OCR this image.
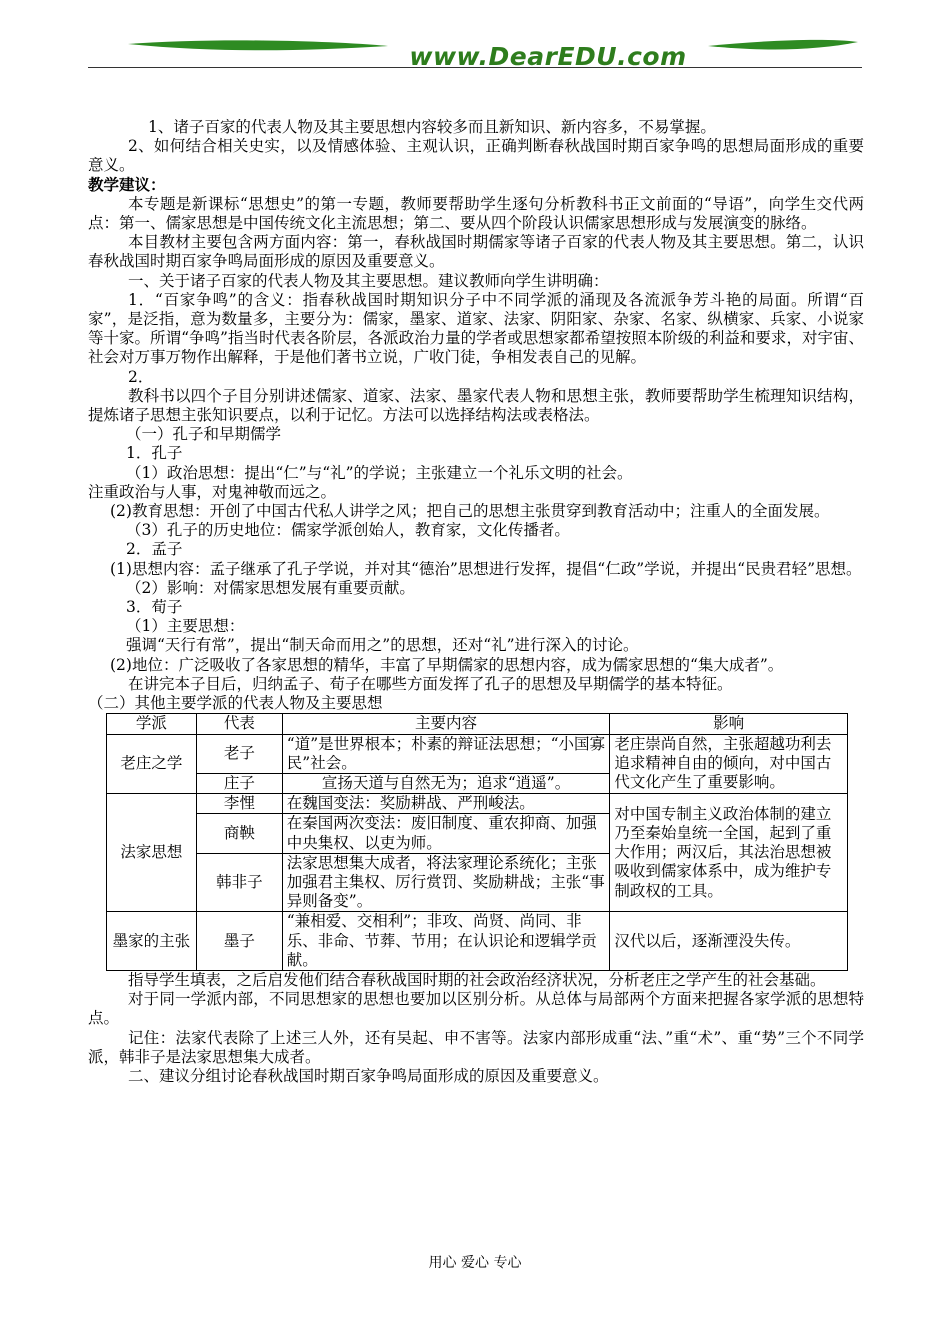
www.DearEDU.com

1、诸子百家的代表人物及其主要思想内容较多而且新知识、新内容多，不易掌握。

2、如何结合相关史实，以及情感体验、主观认识，正确判断春秋战国时期百家争鸣的思想局面形成的重要意义。

教学建议：

本专题是新课标“思想史”的第一专题，教师要帮助学生逐句分析教科书正文前面的“导语”，向学生交代两点：第一、儒家思想是中国传统文化主流思想；第二、要从四个阶段认识儒家思想形成与发展演变的脉络。

本目教材主要包含两方面内容：第一，春秋战国时期儒家等诸子百家的代表人物及其主要思想。第二，认识春秋战国时期百家争鸣局面形成的原因及重要意义。

一、关于诸子百家的代表人物及其主要思想。建议教师向学生讲明确：

1．“百家争鸣”的含义：指春秋战国时期知识分子中不同学派的涌现及各流派争芳斗艳的局面。所谓“百家”，是泛指，意为数量多，主要分为：儒家，墨家、道家、法家、阴阳家、杂家、名家、纵横家、兵家、小说家等十家。所谓“争鸣”指当时代表各阶层，各派政治力量的学者或思想家都希望按照本阶级的利益和要求，对宇宙、社会对万事万物作出解释，于是他们著书立说，广收门徒，争相发表自己的见解。

2．

教科书以四个子目分别讲述儒家、道家、法家、墨家代表人物和思想主张，教师要帮助学生梳理知识结构，提炼诸子思想主张知识要点，以利于记忆。方法可以选择结构法或表格法。

（一）孔子和早期儒学

1．孔子

（1）政治思想：提出“仁”与“礼”的学说；主张建立一个礼乐文明的社会。

注重政治与人事，对鬼神敬而远之。

(2)教育思想：开创了中国古代私人讲学之风；把自己的思想主张贯穿到教育活动中；注重人的全面发展。

（3）孔子的历史地位：儒家学派创始人，教育家，文化传播者。

2．孟子

(1)思想内容：孟子继承了孔子学说，并对其“德治”思想进行发挥，提倡“仁政”学说，并提出“民贵君轻”思想。

（2）影响：对儒家思想发展有重要贡献。

3．荀子

（1）主要思想：

强调“天行有常”，提出“制天命而用之”的思想，还对“礼”进行深入的讨论。

(2)地位：广泛吸收了各家思想的精华，丰富了早期儒家的思想内容，成为儒家思想的“集大成者”。

在讲完本子目后，归纳孟子、荀子在哪些方面发挥了孔子的思想及早期儒学的基本特征。

（二）其他主要学派的代表人物及主要思想

学派	代表	主要内容	影响
老庄之学	老子	“道”是世界根本；朴素的辩证法思想；“小国寡民”社会。	老庄崇尚自然，主张超越功利去追求精神自由的倾向，对中国古代文化产生了重要影响。
	庄子	宣扬天道与自然无为；追求“逍遥”。	
法家思想	李悝	在魏国变法：奖励耕战、严刑峻法。	对中国专制主义政治体制的建立乃至秦始皇统一全国，起到了重大作用；两汉后，其法治思想被吸收到儒家体系中，成为维护专制政权的工具。
	商鞅	在秦国两次变法：废旧制度、重农抑商、加强中央集权、以吏为师。	
	韩非子	法家思想集大成者，将法家理论系统化；主张加强君主集权、厉行赏罚、奖励耕战；主张“事异则备变”。	
墨家的主张	墨子	“兼相爱、交相利”；非攻、尚贤、尚同、非乐、非命、节葬、节用；在认识论和逻辑学贡献。	汉代以后，逐渐湮没失传。

指导学生填表，之后启发他们结合春秋战国时期的社会政治经济状况，分析老庄之学产生的社会基础。

对于同一学派内部，不同思想家的思想也要加以区别分析。从总体与局部两个方面来把握各家学派的思想特点。

记住：法家代表除了上述三人外，还有吴起、申不害等。法家内部形成重“法、”重“术”、重“势”三个不同学派，韩非子是法家思想集大成者。

二、建议分组讨论春秋战国时期百家争鸣局面形成的原因及重要意义。

用心 爱心 专心
